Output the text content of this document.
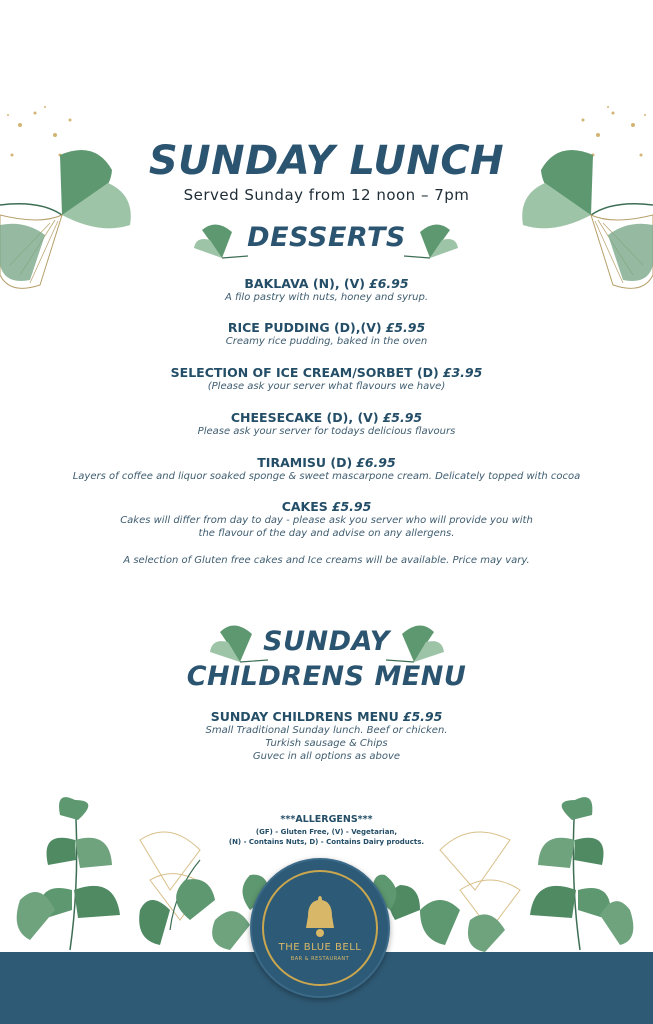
SUNDAY LUNCH
Served Sunday from 12 noon – 7pm
DESSERTS
BAKLAVA (N), (V) £6.95
A filo pastry with nuts, honey and syrup.
RICE PUDDING (D),(V) £5.95
Creamy rice pudding, baked in the oven
SELECTION OF ICE CREAM/SORBET (D) £3.95
(Please ask your server what flavours we have)
CHEESECAKE (D), (V) £5.95
Please ask your server for todays delicious flavours
TIRAMISU (D) £6.95
Layers of coffee and liquor soaked sponge & sweet mascarpone cream. Delicately topped with cocoa
CAKES £5.95
Cakes will differ from day to day - please ask you server who will provide you with
the flavour of the day and advise on any allergens.
A selection of Gluten free cakes and Ice creams will be available. Price may vary.
SUNDAY
CHILDRENS MENU
SUNDAY CHILDRENS MENU £5.95
Small Traditional Sunday lunch. Beef or chicken.
Turkish sausage & Chips
Guvec in all options as above
***ALLERGENS***
(GF) - Gluten Free, (V) - Vegetarian,
(N) - Contains Nuts, D) - Contains Dairy products.
THE BLUE BELL
BAR & RESTAURANT
